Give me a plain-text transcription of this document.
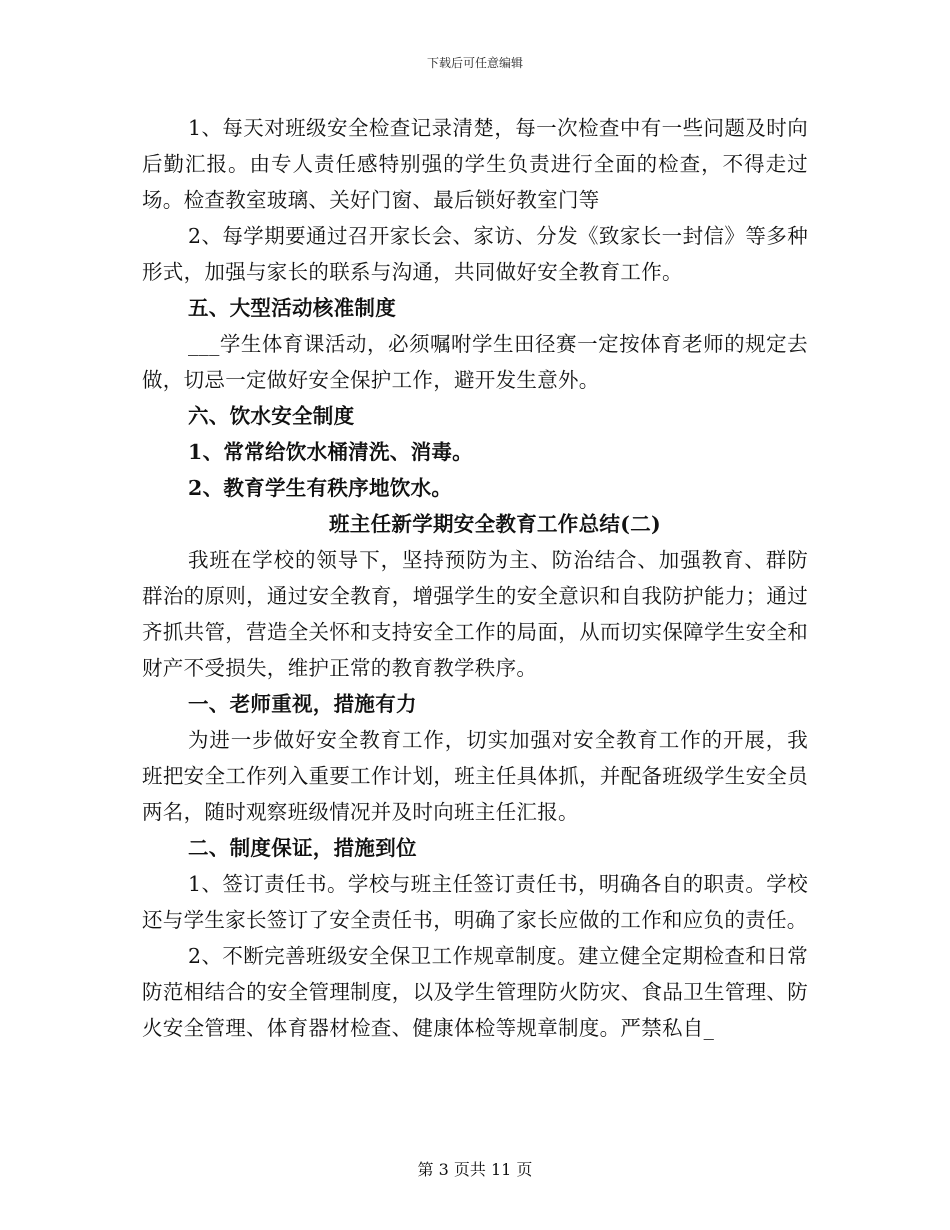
下载后可任意编辑

1、每天对班级安全检查记录清楚，每一次检查中有一些问题及时向后勤汇报。由专人责任感特别强的学生负责进行全面的检查，不得走过场。检查教室玻璃、关好门窗、最后锁好教室门等

2、每学期要通过召开家长会、家访、分发《致家长一封信》等多种形式，加强与家长的联系与沟通，共同做好安全教育工作。

五、大型活动核准制度

___学生体育课活动，必须嘱咐学生田径赛一定按体育老师的规定去做，切忌一定做好安全保护工作，避开发生意外。

六、饮水安全制度

1、常常给饮水桶清洗、消毒。

2、教育学生有秩序地饮水。

班主任新学期安全教育工作总结(二)

我班在学校的领导下，坚持预防为主、防治结合、加强教育、群防群治的原则，通过安全教育，增强学生的安全意识和自我防护能力；通过齐抓共管，营造全关怀和支持安全工作的局面，从而切实保障学生安全和财产不受损失，维护正常的教育教学秩序。

一、老师重视，措施有力

为进一步做好安全教育工作，切实加强对安全教育工作的开展，我班把安全工作列入重要工作计划，班主任具体抓，并配备班级学生安全员两名，随时观察班级情况并及时向班主任汇报。

二、制度保证，措施到位

1、签订责任书。学校与班主任签订责任书，明确各自的职责。学校还与学生家长签订了安全责任书，明确了家长应做的工作和应负的责任。

2、不断完善班级安全保卫工作规章制度。建立健全定期检查和日常防范相结合的安全管理制度，以及学生管理防火防灾、食品卫生管理、防火安全管理、体育器材检查、健康体检等规章制度。严禁私自_

第 3 页共 11 页
